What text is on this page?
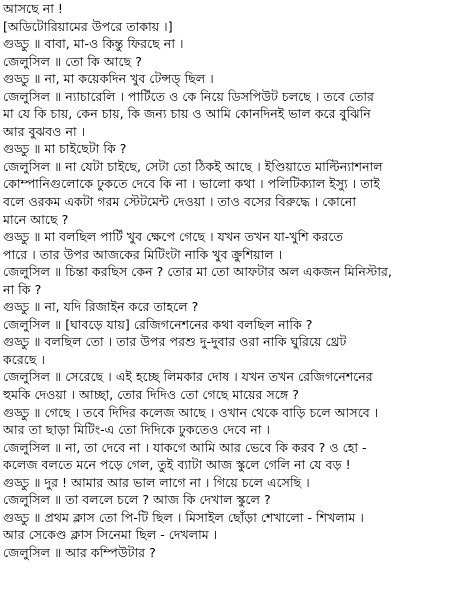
আসছে না !
[অডিটোরিয়ামের উপরে তাকায় ।]
গুড্ডু ॥ বাবা, মা-ও কিন্তু ফিরছে না ।
জেলুসিল ॥ তো কি আছে ?
গুড্ডু ॥ না, মা কয়েকদিন খুব টেন্সড্ ছিল ।
জেলুসিল ॥ ন্যাচারেলি । পার্টিতে ও কে নিয়ে ডিসপিউট চলছে । তবে তোর
মা যে কি চায়, কেন চায়, কি জন্য চায় ও আমি কোনদিনই ভাল করে বুঝিনি
আর বুঝবও না ।
গুড্ডু ॥ মা চাইছেটা কি ?
জেলুসিল ॥ না যেটা চাইছে, সেটা তো ঠিকই আছে । ইণ্ডিয়াতে মাল্টিন্যাশনাল
কোম্পানিগুলোকে ঢুকতে দেবে কি না । ভালো কথা । পলিটিক্যাল ইস্যু । তাই
বলে ওরকম একটা গরম স্টেটমেন্ট দেওয়া । তাও বসের বিরুদ্ধে । কোনো
মানে আছে ?
গুড্ডু ॥ মা বলছিল পার্টি খুব ক্ষেপে গেছে । যখন তখন যা-খুশি করতে
পারে । তার উপর আজকের মিটিংটা নাকি খুব ক্রুশিয়াল ।
জেলুসিল ॥ চিন্তা করছিস কেন ? তোর মা তো আফটার অল একজন মিনিস্টার,
না কি ?
গুড্ডু ॥ না, যদি রিজাইন করে তাহলে ?
জেলুসিল ॥ [ঘাবড়ে যায়] রেজিগনেশনের কথা বলছিল নাকি ?
গুড্ডু ॥ বলছিল তো । তার উপর পরশু দু-দুবার ওরা নাকি ঘুরিয়ে থ্রেট
করেছে ।
জেলুসিল ॥ সেরেছে । এই হচ্ছে লিমকার দোষ । যখন তখন রেজিগনেশনের
হুমকি দেওয়া । আচ্ছা, তোর দিদিও তো গেছে মায়ের সঙ্গে ?
গুড্ডু ॥ গেছে । তবে দিদির কলেজ আছে । ওখান থেকে বাড়ি চলে আসবে ।
আর তা ছাড়া মিটিং-এ তো দিদিকে ঢুকতেও দেবে না ।
জেলুসিল ॥ না, তা দেবে না । যাকগে আমি আর ভেবে কি করব ? ও হো -
কলেজ বলতে মনে পড়ে গেল, তুই ব্যাটা আজ স্কুলে গেলি না যে বড় !
গুড্ডু ॥ দুর ! আমার আর ভাল লাগে না । গিয়ে চলে এসেছি ।
জেলুসিল ॥ তা বললে চলে ? আজ কি দেখাল স্কুলে ?
গুড্ডু ॥ প্রথম ক্লাস তো পি-টি ছিল । মিসাইল ছোঁড়া শেখালো - শিখলাম ।
আর সেকেণ্ড ক্লাস সিনেমা ছিল - দেখলাম ।
জেলুসিল ॥ আর কম্পিউটার ?
